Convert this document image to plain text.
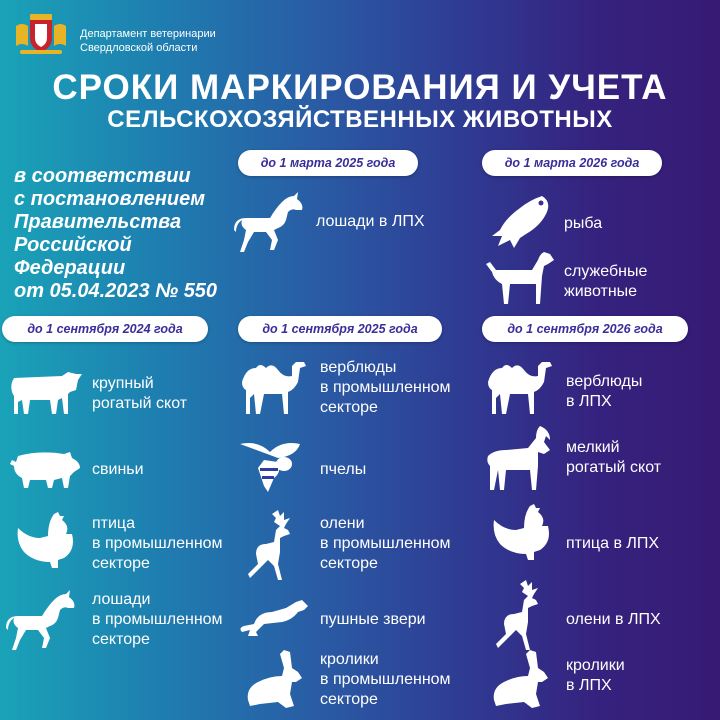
Департамент ветеринарии
Свердловской области
СРОКИ МАРКИРОВАНИЯ И УЧЕТА
СЕЛЬСКОХОЗЯЙСТВЕННЫХ ЖИВОТНЫХ
в соответствии
с постановлением
Правительства
Российской
Федерации
от 05.04.2023 № 550
до 1 марта 2025 года	до 1 марта 2026 года
до 1 сентября 2024 года	до 1 сентября 2025 года	до 1 сентября 2026 года
лошади в ЛПХ	рыба
служебные
животные
крупный
рогатый скот
свиньи
птица
в промышленном
секторе
лошади
в промышленном
секторе
верблюды
в промышленном
секторе
пчелы
олени
в промышленном
секторе
пушные звери
кролики
в промышленном
секторе
верблюды
в ЛПХ
мелкий
рогатый скот
птица в ЛПХ
олени в ЛПХ
кролики
в ЛПХ
